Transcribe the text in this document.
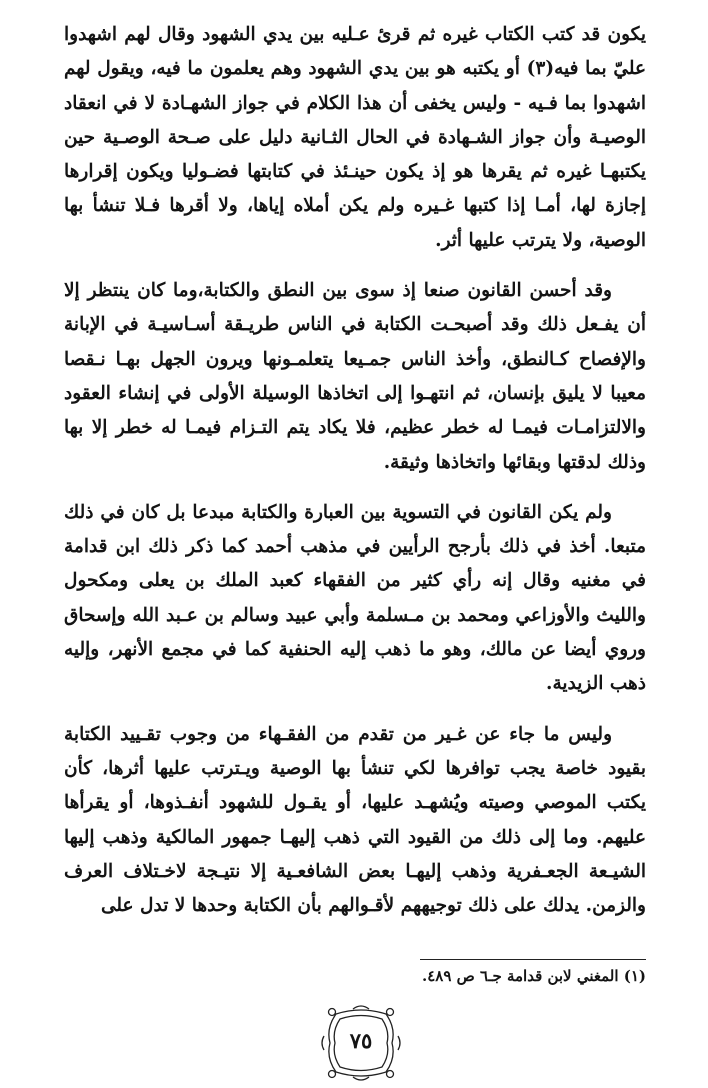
يكون قد كتب الكتاب غيره ثم قرئ عـليه بين يدي الشهود وقال لهم اشهدوا عليّ بما فيه(٣) أو يكتبه هو بين يدي الشهود وهم يعلمون ما فيه، ويقول لهم اشهدوا بما فـيه - وليس يخفى أن هذا الكلام في جواز الشهـادة لا في انعقاد الوصيـة وأن جواز الشـهادة في الحال الثـانية دليل على صـحة الوصـية حين يكتبهـا غيره ثم يقرها هو إذ يكون حينـئذ في كتابتها فضـوليا ويكون إقرارها إجازة لها، أمـا إذا كتبها غـيره ولم يكن أملاه إياها، ولا أقرها فـلا تنشأ بها الوصية، ولا يترتب عليها أثر.

وقد أحسن القانون صنعا إذ سوى بين النطق والكتابة،وما كان ينتظر إلا أن يفـعل ذلك وقد أصبحـت الكتابة في الناس طريـقة أسـاسيـة في الإبانة والإفصاح كـالنطق، وأخذ الناس جمـيعا يتعلمـونها ويرون الجهل بهـا نـقصا معيبا لا يليق بإنسان، ثم انتهـوا إلى اتخاذها الوسيلة الأولى في إنشاء العقود والالتزامـات فيمـا له خطر عظيم، فلا يكاد يتم التـزام فيمـا له خطر إلا بها وذلك لدقتها وبقائها واتخاذها وثيقة.

ولم يكن القانون في التسوية بين العبارة والكتابة مبدعا بل كان في ذلك متبعا. أخذ في ذلك بأرجح الرأيين في مذهب أحمد كما ذكر ذلك ابن قدامة في مغنيه وقال إنه رأي كثير من الفقهاء كعبد الملك بن يعلى ومكحول والليث والأوزاعي ومحمد بن مـسلمة وأبي عبيد وسالم بن عـبد الله وإسحاق وروي أيضا عن مالك، وهو ما ذهب إليه الحنفية كما في مجمع الأنهر، وإليه ذهب الزيدية.

وليس ما جاء عن غـير من تقدم من الفقـهاء من وجوب تقـييد الكتابة بقيود خاصة يجب توافرها لكي تنشأ بها الوصية ويـترتب عليها أثرها، كأن يكتب الموصي وصيته ويُشهـد عليها، أو يقـول للشهود أنفـذوها، أو يقرأها عليهم. وما إلى ذلك من القيود التي ذهب إليهـا جمهور المالكية وذهب إليها الشيـعة الجعـفرية وذهب إليهـا بعض الشافعـية إلا نتيـجة لاخـتلاف العرف والزمن. يدلك على ذلك توجيههم لأقـوالهم بأن الكتابة وحدها لا تدل على

(١) المغني لابن قدامة جـ٦ ص ٤٨٩.
٧٥
